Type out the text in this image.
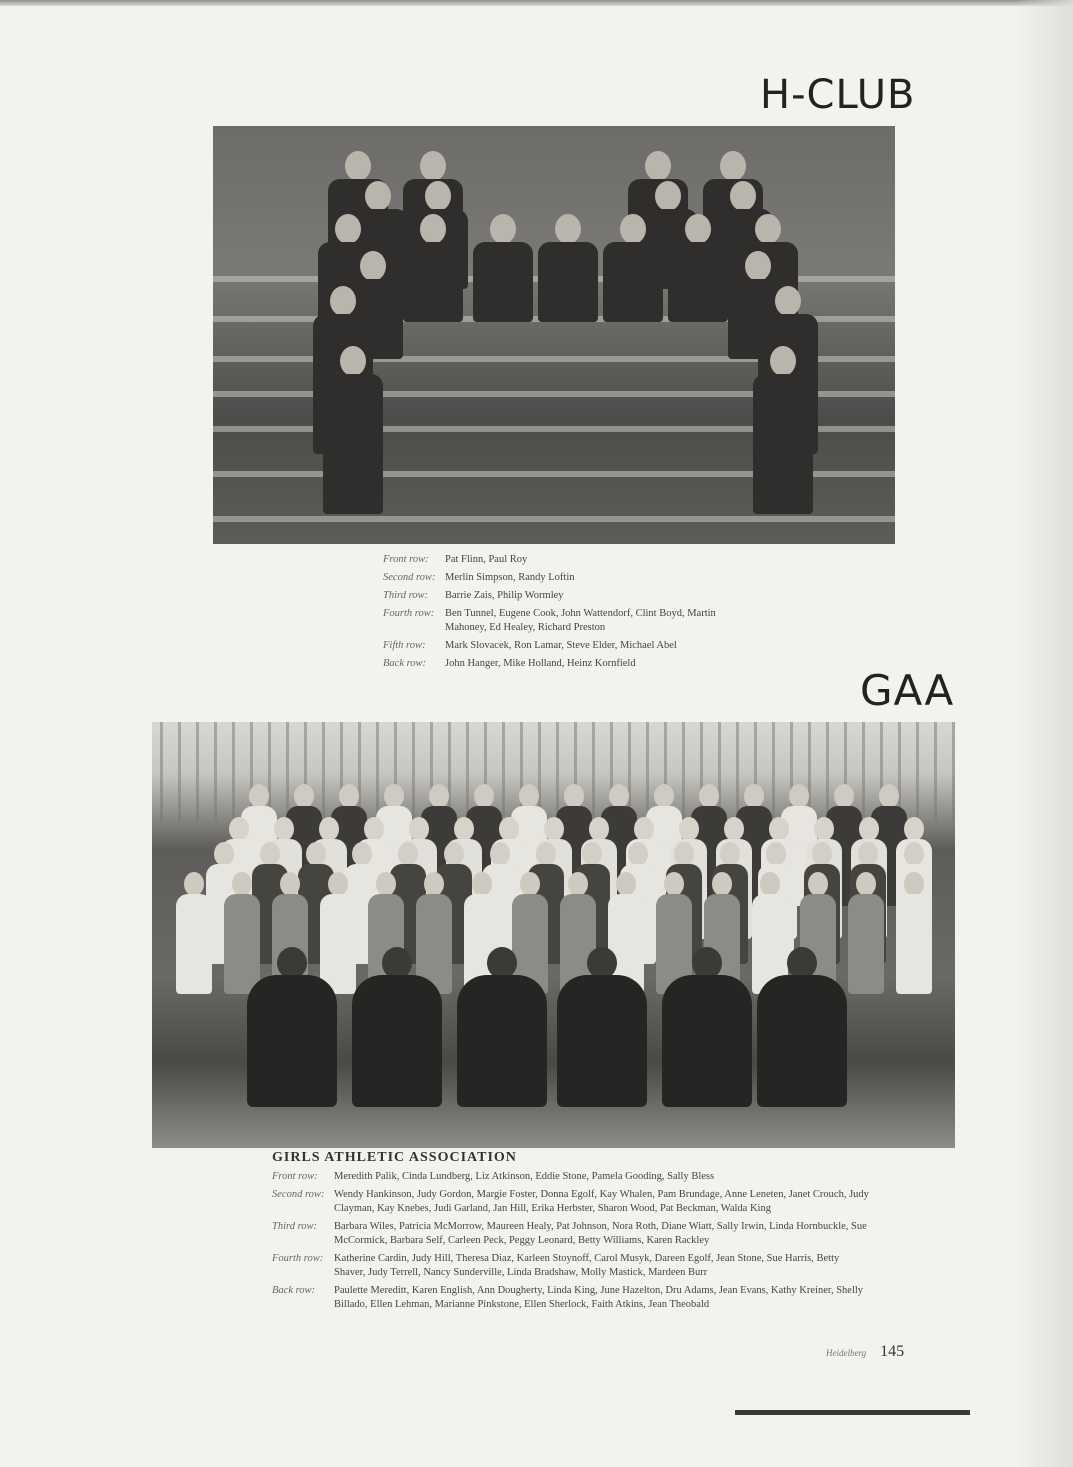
H-CLUB
Front row:	Pat Flinn, Paul Roy
Second row: Merlin Simpson, Randy Loftin
Third row:	Barrie Zais, Philip Wormley
Fourth row:	Ben Tunnel, Eugene Cook, John Wattendorf, Clint Boyd, Martin Mahoney, Ed Healey, Richard Preston
Fifth row:	Mark Slovacek, Ron Lamar, Steve Elder, Michael Abel
Back row:	John Hanger, Mike Holland, Heinz Kornfield
GAA
GIRLS ATHLETIC ASSOCIATION
Front row:	Meredith Palik, Cinda Lundberg, Liz Atkinson, Eddie Stone, Pamela Gooding, Sally Bless
Second row: Wendy Hankinson, Judy Gordon, Margie Foster, Donna Egolf, Kay Whalen, Pam Brundage, Anne Leneten, Janet Crouch, Judy Clayman, Kay Knebes, Judi Garland, Jan Hill, Erika Herbster, Sharon Wood, Pat Beckman, Walda King
Third row:	Barbara Wiles, Patricia McMorrow, Maureen Healy, Pat Johnson, Nora Roth, Diane Wiatt, Sally Irwin, Linda Hornbuckle, Sue McCormick, Barbara Self, Carleen Peck, Peggy Leonard, Betty Williams, Karen Rackley
Fourth row:	Katherine Cardin, Judy Hill, Theresa Diaz, Karleen Stoynoff, Carol Musyk, Dareen Egolf, Jean Stone, Sue Harris, Betty Shaver, Judy Terrell, Nancy Sunderville, Linda Bradshaw, Molly Mastick, Mardeen Burr
Back row:	Paulette Mereditt, Karen English, Ann Dougherty, Linda King, June Hazelton, Dru Adams, Jean Evans, Kathy Kreiner, Shelly Billado, Ellen Lehman, Marianne Pinkstone, Ellen Sherlock, Faith Atkins, Jean Theobald
Heidelberg 145
